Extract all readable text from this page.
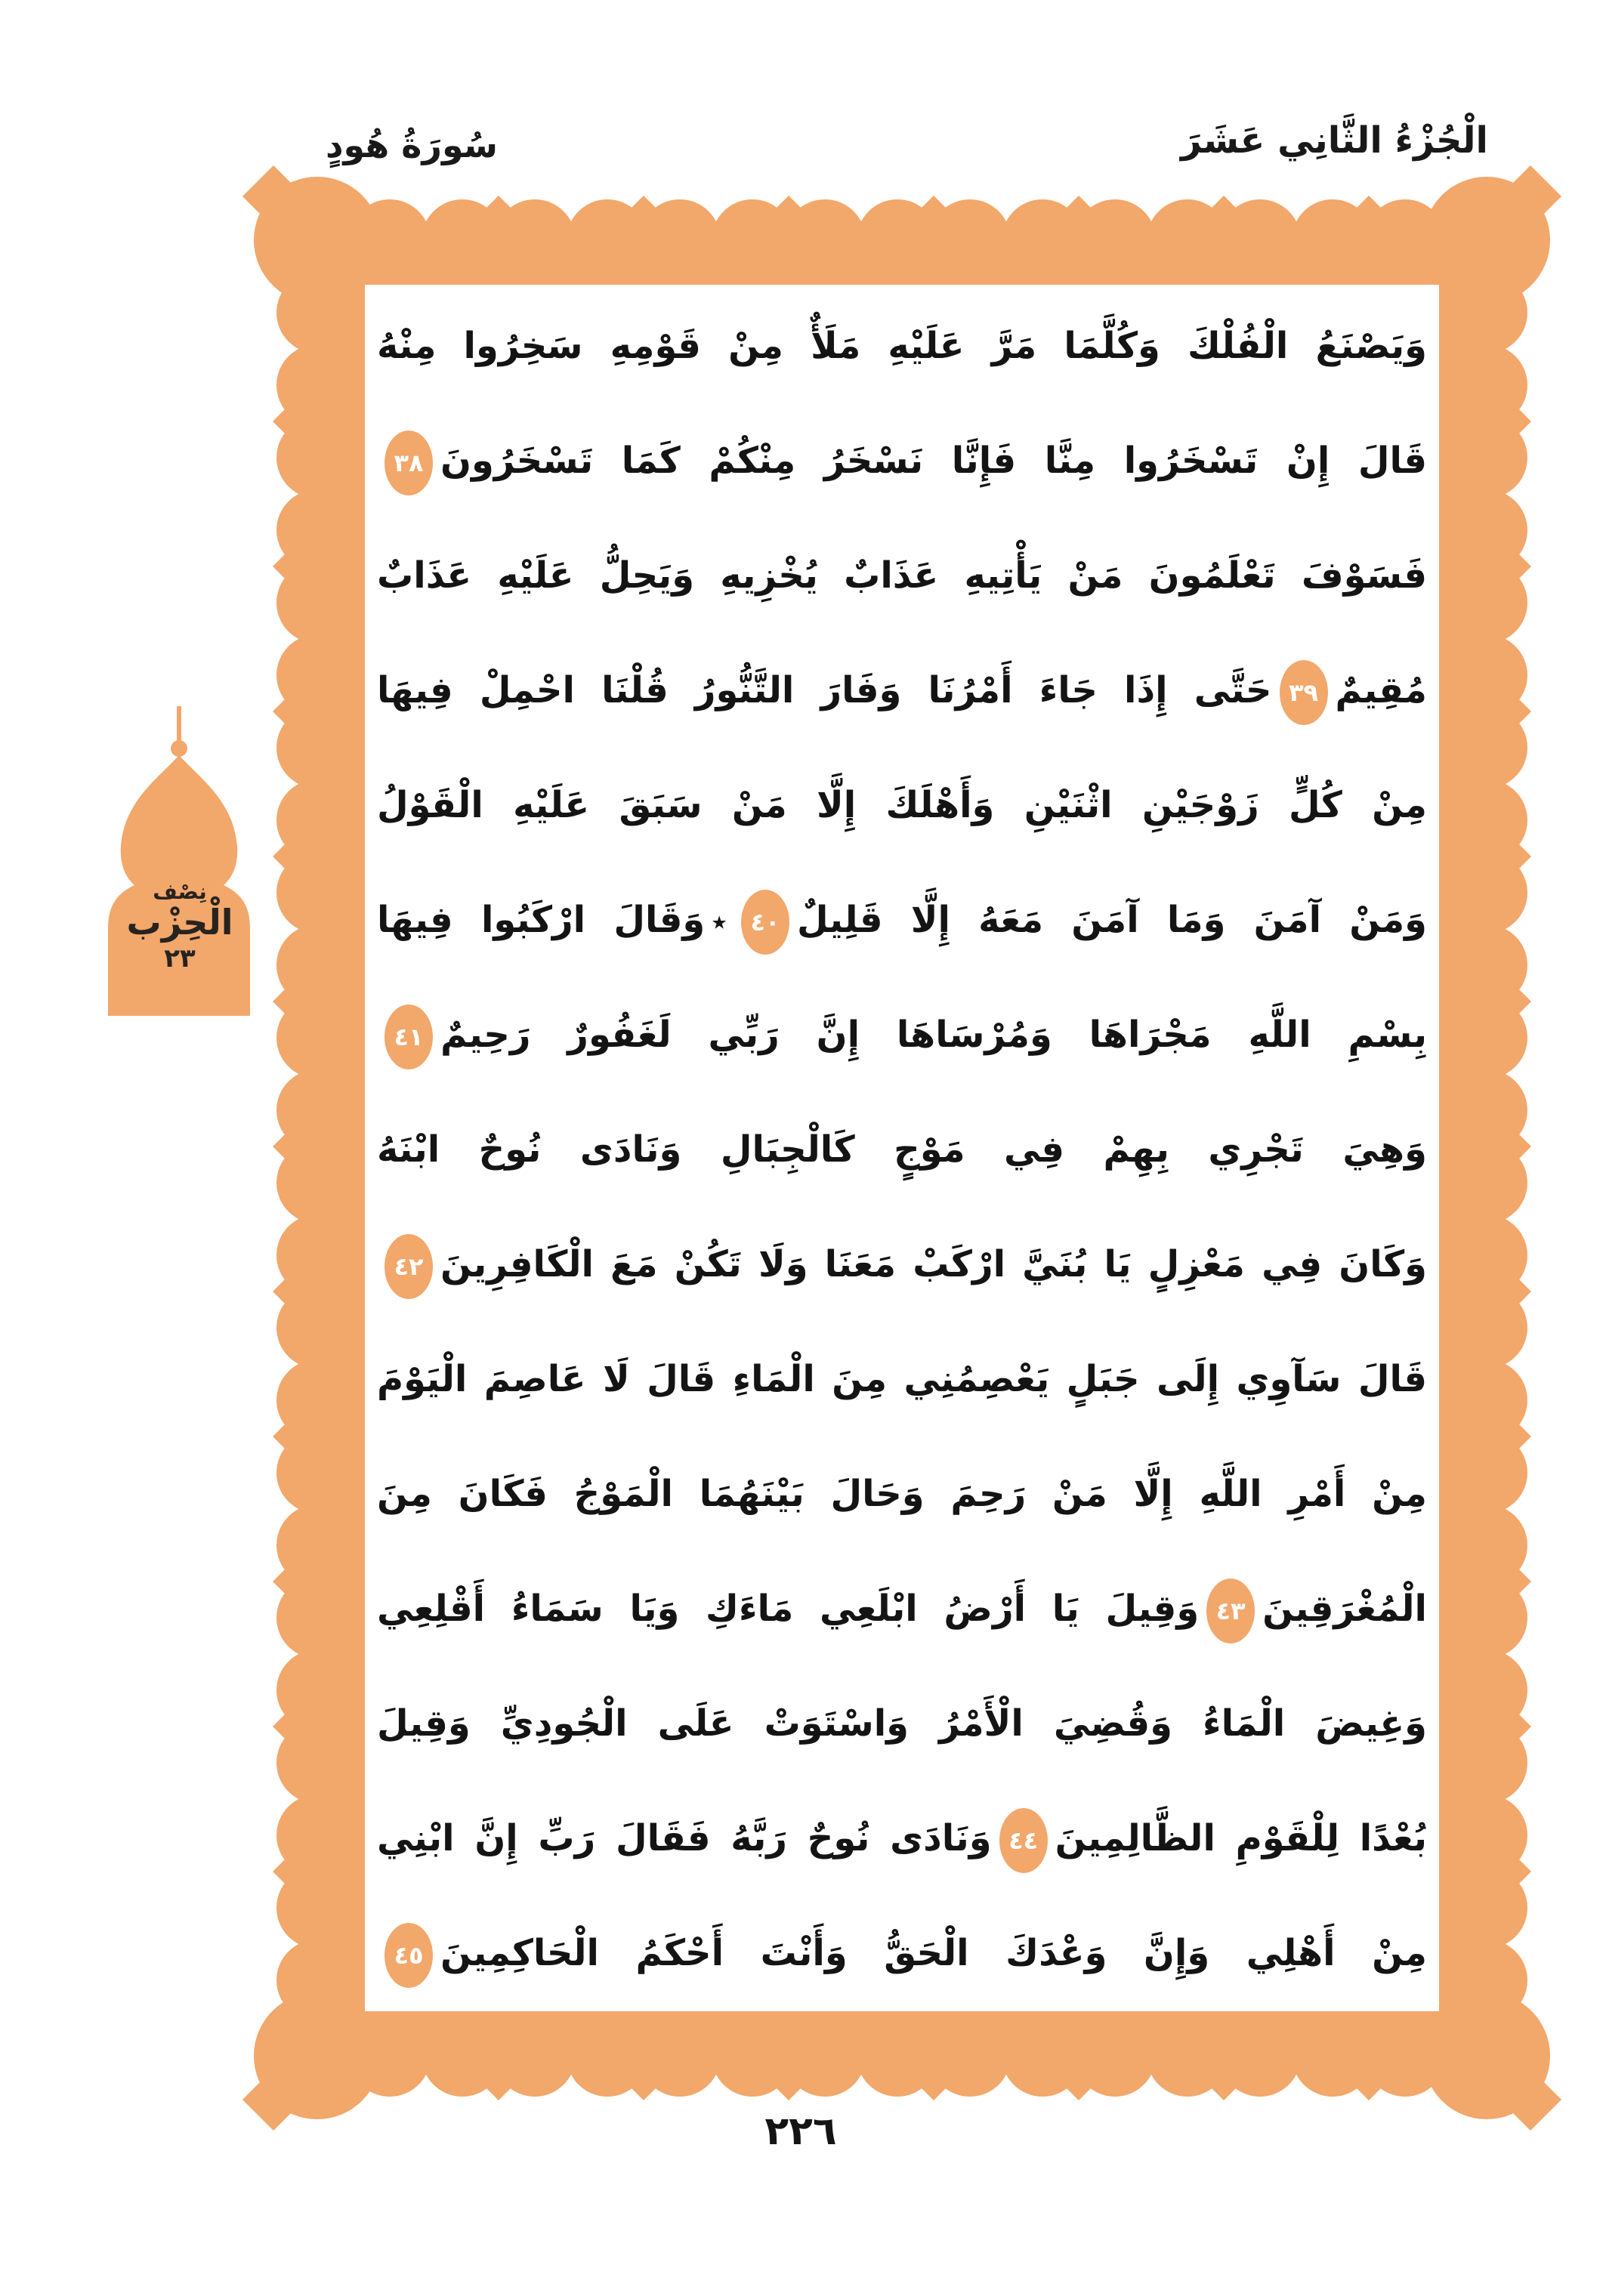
الْجُزْءُ الثَّانِي عَشَرَ
سُورَةُ هُودٍ
نِصْف
الْحِزْب
٢٣
وَيَصْنَعُ الْفُلْكَ وَكُلَّمَا مَرَّ عَلَيْهِ مَلَأٌ مِنْ قَوْمِهِ سَخِرُوا مِنْهُ
قَالَ إِنْ تَسْخَرُوا مِنَّا فَإِنَّا نَسْخَرُ مِنْكُمْ كَمَا تَسْخَرُونَ٣٨
فَسَوْفَ تَعْلَمُونَ مَنْ يَأْتِيهِ عَذَابٌ يُخْزِيهِ وَيَحِلُّ عَلَيْهِ عَذَابٌ
مُقِيمٌ٣٩حَتَّى إِذَا جَاءَ أَمْرُنَا وَفَارَ التَّنُّورُ قُلْنَا احْمِلْ فِيهَا
مِنْ كُلٍّ زَوْجَيْنِ اثْنَيْنِ وَأَهْلَكَ إِلَّا مَنْ سَبَقَ عَلَيْهِ الْقَوْلُ
وَمَنْ آمَنَ وَمَا آمَنَ مَعَهُ إِلَّا قَلِيلٌ٤٠٭وَقَالَ ارْكَبُوا فِيهَا
بِسْمِ اللَّهِ مَجْرَاهَا وَمُرْسَاهَا إِنَّ رَبِّي لَغَفُورٌ رَحِيمٌ٤١
وَهِيَ تَجْرِي بِهِمْ فِي مَوْجٍ كَالْجِبَالِ وَنَادَى نُوحٌ ابْنَهُ
وَكَانَ فِي مَعْزِلٍ يَا بُنَيَّ ارْكَبْ مَعَنَا وَلَا تَكُنْ مَعَ الْكَافِرِينَ٤٢
قَالَ سَآوِي إِلَى جَبَلٍ يَعْصِمُنِي مِنَ الْمَاءِ قَالَ لَا عَاصِمَ الْيَوْمَ
مِنْ أَمْرِ اللَّهِ إِلَّا مَنْ رَحِمَ وَحَالَ بَيْنَهُمَا الْمَوْجُ فَكَانَ مِنَ
الْمُغْرَقِينَ٤٣وَقِيلَ يَا أَرْضُ ابْلَعِي مَاءَكِ وَيَا سَمَاءُ أَقْلِعِي
وَغِيضَ الْمَاءُ وَقُضِيَ الْأَمْرُ وَاسْتَوَتْ عَلَى الْجُودِيِّ وَقِيلَ
بُعْدًا لِلْقَوْمِ الظَّالِمِينَ٤٤وَنَادَى نُوحٌ رَبَّهُ فَقَالَ رَبِّ إِنَّ ابْنِي
مِنْ أَهْلِي وَإِنَّ وَعْدَكَ الْحَقُّ وَأَنْتَ أَحْكَمُ الْحَاكِمِينَ٤٥
٢٢٦
